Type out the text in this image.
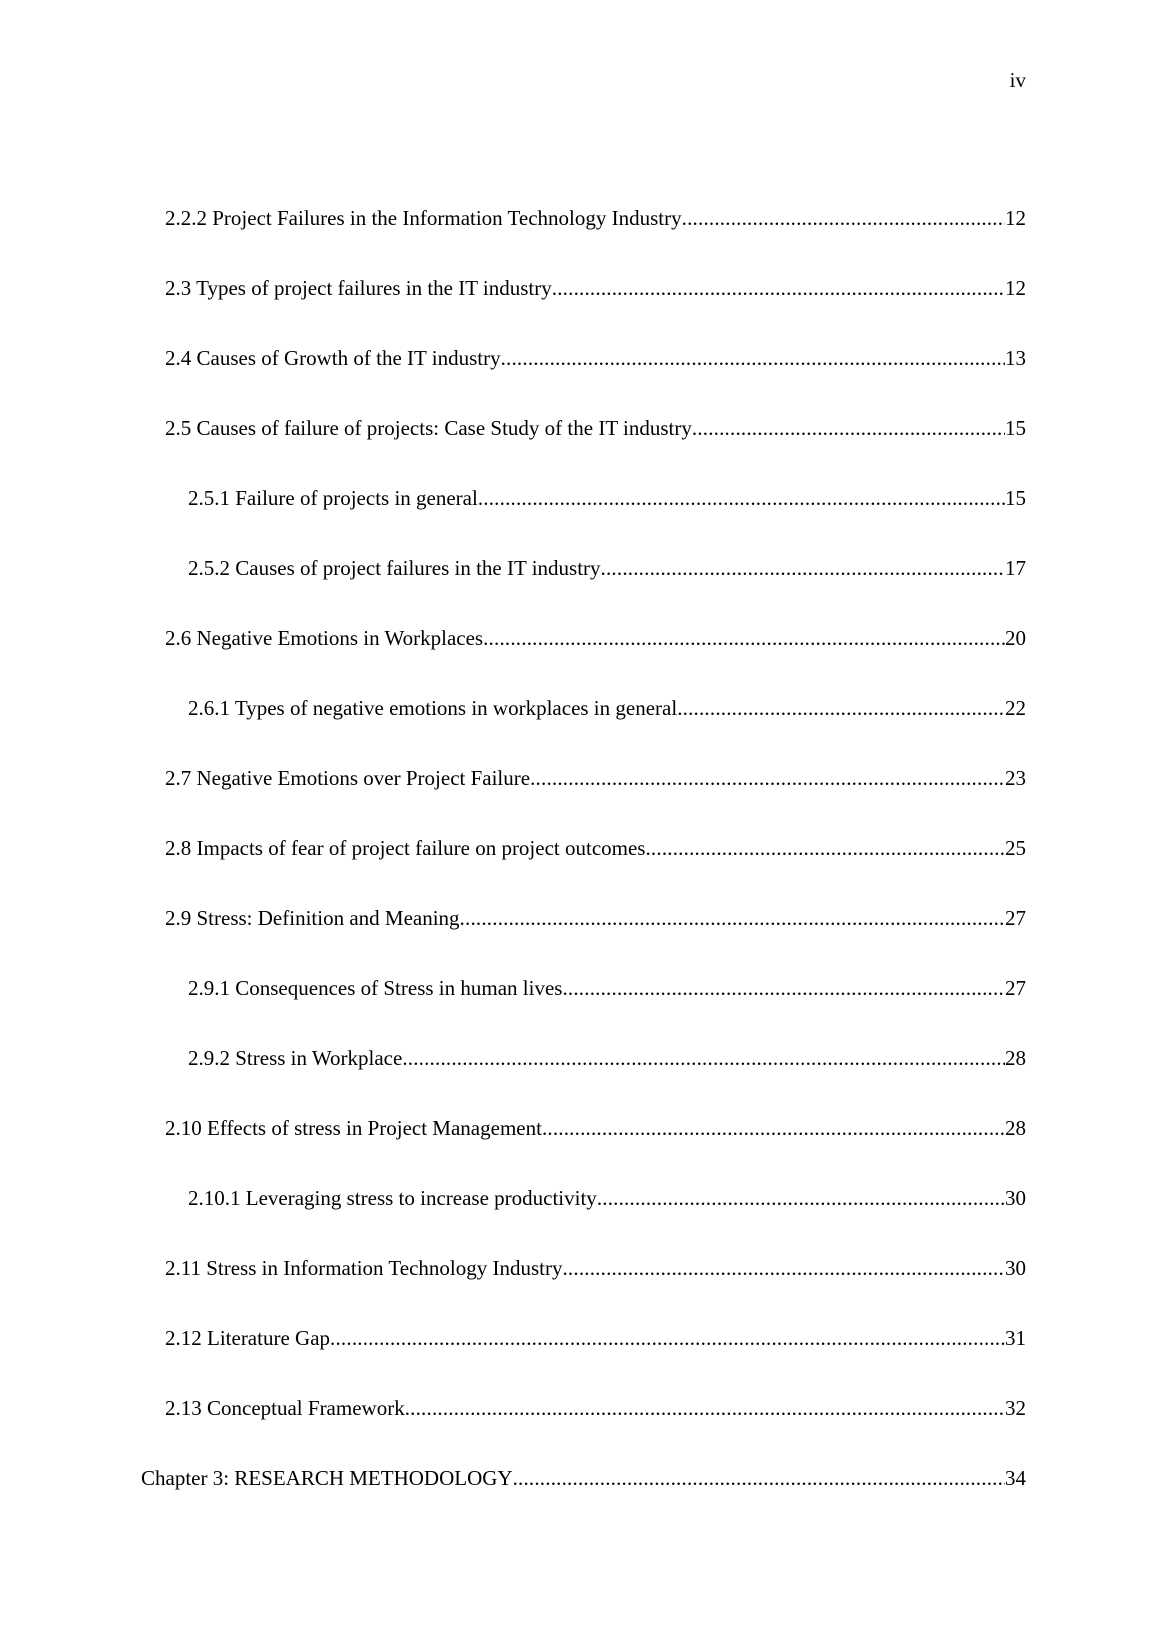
iv
2.2.2 Project Failures in the Information Technology Industry .....	12
2.3 Types of project failures in the IT industry .....	12
2.4 Causes of Growth of the IT industry .....	13
2.5 Causes of failure of projects: Case Study of the IT industry .....	15
2.5.1 Failure of projects in general .....	15
2.5.2 Causes of project failures in the IT industry .....	17
2.6 Negative Emotions in Workplaces .....	20
2.6.1 Types of negative emotions in workplaces in general .....	22
2.7 Negative Emotions over Project Failure .....	23
2.8 Impacts of fear of project failure on project outcomes .....	25
2.9 Stress: Definition and Meaning .....	27
2.9.1 Consequences of Stress in human lives .....	27
2.9.2 Stress in Workplace .....	28
2.10 Effects of stress in Project Management .....	28
2.10.1 Leveraging stress to increase productivity .....	30
2.11 Stress in Information Technology Industry .....	30
2.12 Literature Gap .....	31
2.13 Conceptual Framework .....	32
Chapter 3: RESEARCH METHODOLOGY .....	34
